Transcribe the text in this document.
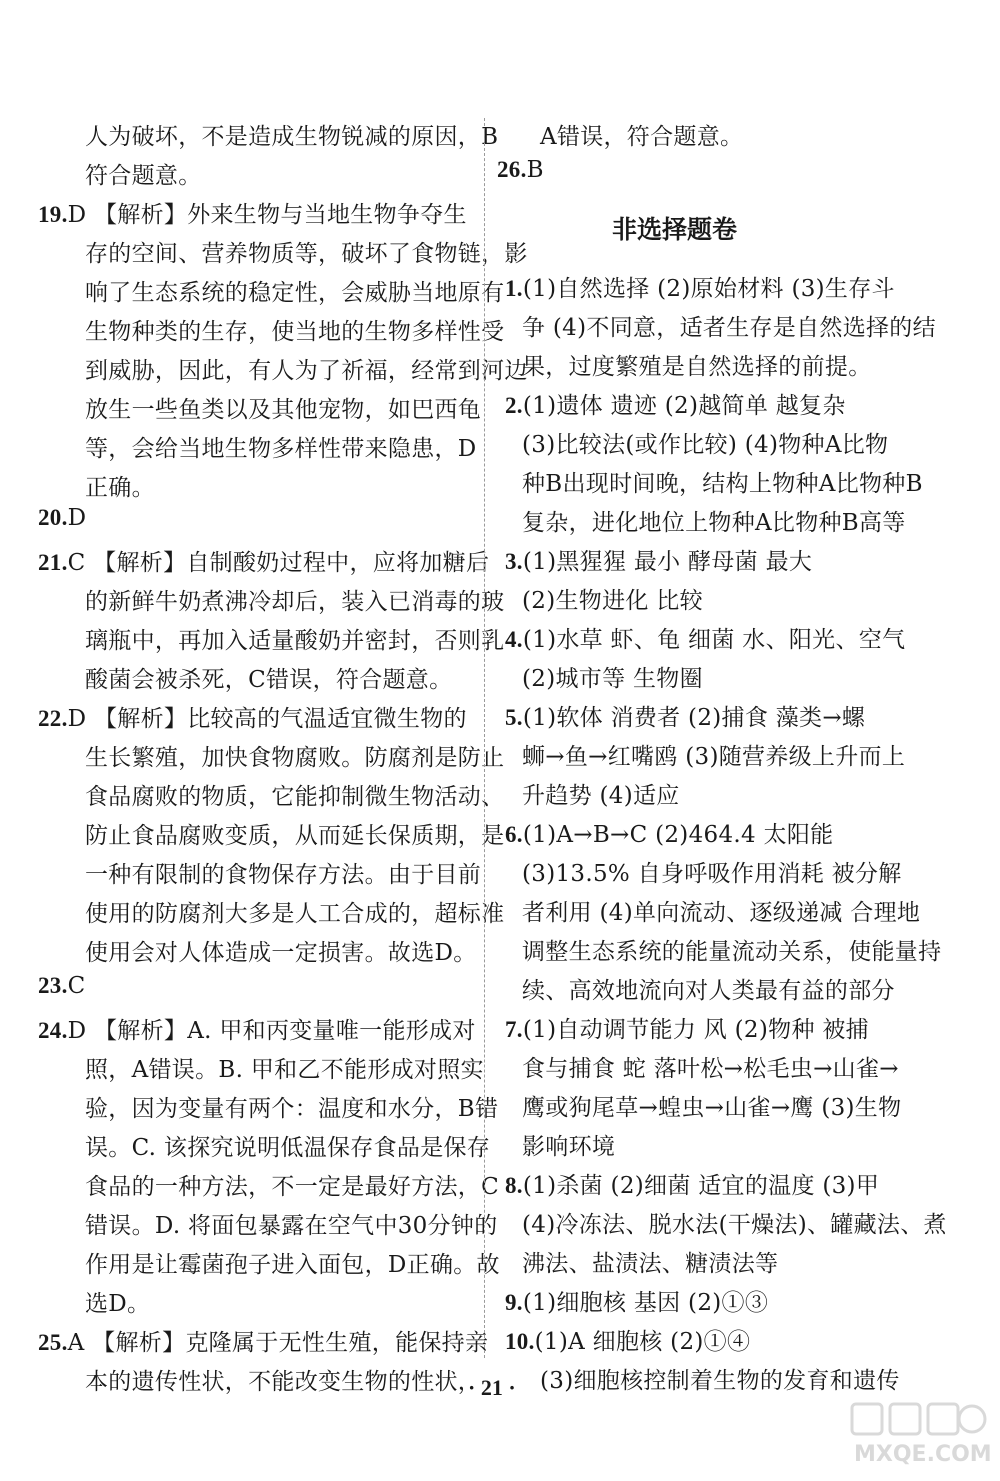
人为破坏，不是造成生物锐减的原因，B
符合题意。
19.D 【解析】外来生物与当地生物争夺生
存的空间、营养物质等，破坏了食物链，影
响了生态系统的稳定性，会威胁当地原有
生物种类的生存，使当地的生物多样性受
到威胁，因此，有人为了祈福，经常到河边
放生一些鱼类以及其他宠物，如巴西龟
等，会给当地生物多样性带来隐患，D
正确。
20.D
21.C 【解析】自制酸奶过程中，应将加糖后
的新鲜牛奶煮沸冷却后，装入已消毒的玻
璃瓶中，再加入适量酸奶并密封，否则乳
酸菌会被杀死，C错误，符合题意。
22.D 【解析】比较高的气温适宜微生物的
生长繁殖，加快食物腐败。防腐剂是防止
食品腐败的物质，它能抑制微生物活动、
防止食品腐败变质，从而延长保质期，是
一种有限制的食物保存方法。由于目前
使用的防腐剂大多是人工合成的，超标准
使用会对人体造成一定损害。故选D。
23.C
24.D 【解析】A. 甲和丙变量唯一能形成对
照，A错误。B. 甲和乙不能形成对照实
验，因为变量有两个：温度和水分，B错
误。C. 该探究说明低温保存食品是保存
食品的一种方法，不一定是最好方法，C
错误。D. 将面包暴露在空气中30分钟的
作用是让霉菌孢子进入面包，D正确。故
选D。
25.A 【解析】克隆属于无性生殖，能保持亲
本的遗传性状，不能改变生物的性状，
A错误，符合题意。
26.B
1.(1)自然选择 (2)原始材料 (3)生存斗
争 (4)不同意，适者生存是自然选择的结
果，过度繁殖是自然选择的前提。
2.(1)遗体 遗迹 (2)越简单 越复杂
(3)比较法(或作比较) (4)物种A比物
种B出现时间晚，结构上物种A比物种B
复杂，进化地位上物种A比物种B高等
3.(1)黑猩猩 最小 酵母菌 最大
(2)生物进化 比较
4.(1)水草 虾、龟 细菌 水、阳光、空气
(2)城市等 生物圈
5.(1)软体 消费者 (2)捕食 藻类→螺
蛳→鱼→红嘴鸥 (3)随营养级上升而上
升趋势 (4)适应
6.(1)A→B→C (2)464.4 太阳能
(3)13.5% 自身呼吸作用消耗 被分解
者利用 (4)单向流动、逐级递减 合理地
调整生态系统的能量流动关系，使能量持
续、高效地流向对人类最有益的部分
7.(1)自动调节能力 风 (2)物种 被捕
食与捕食 蛇 落叶松→松毛虫→山雀→
鹰或狗尾草→蝗虫→山雀→鹰 (3)生物
影响环境
8.(1)杀菌 (2)细菌 适宜的温度 (3)甲
(4)冷冻法、脱水法(干燥法)、罐藏法、煮
沸法、盐渍法、糖渍法等
9.(1)细胞核 基因 (2)①③
10.(1)A 细胞核 (2)①④
(3)细胞核控制着生物的发育和遗传
非选择题卷
· 21 ·
MXQE.COM
